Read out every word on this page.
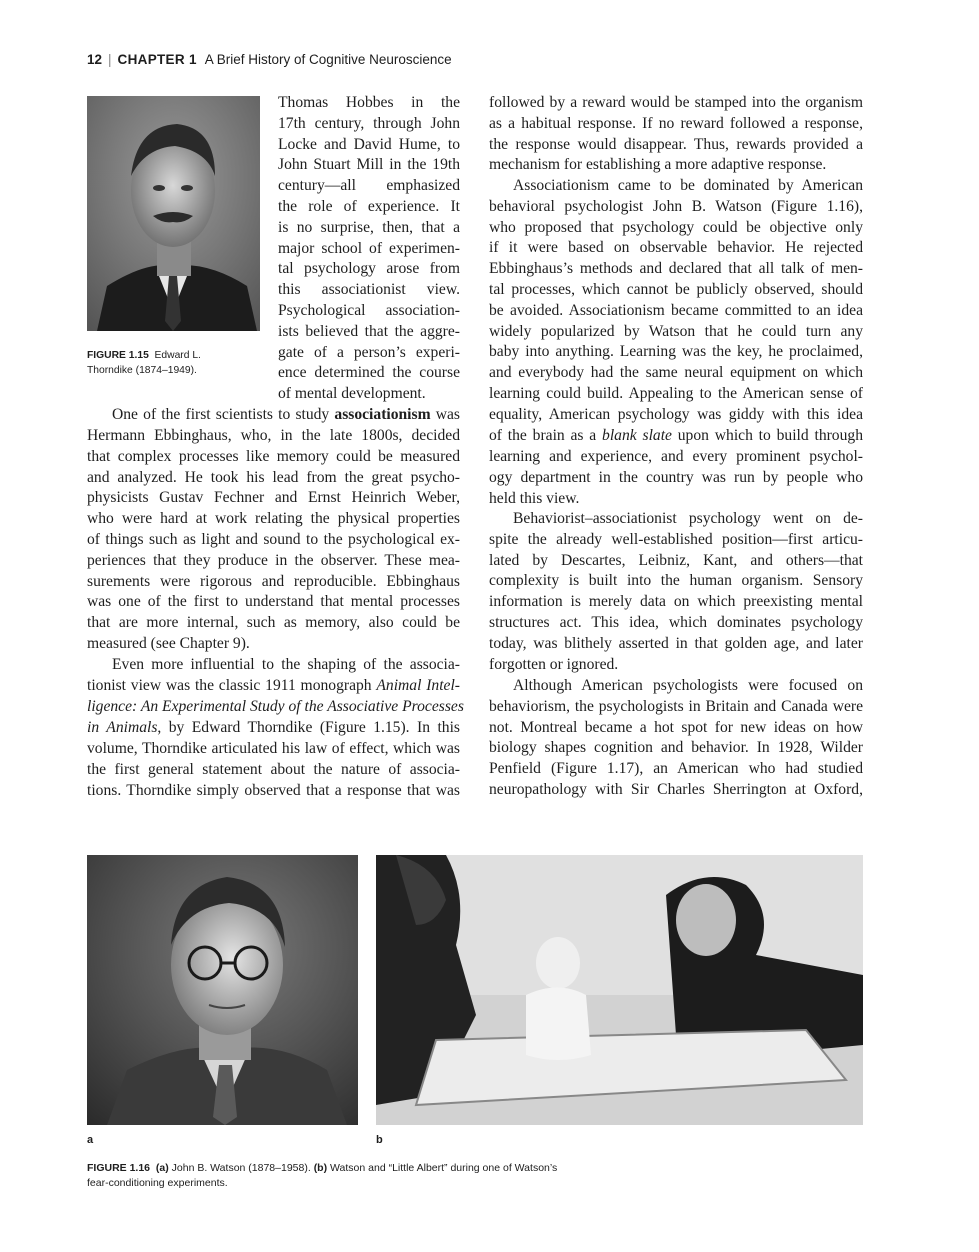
12 | CHAPTER 1 A Brief History of Cognitive Neuroscience
FIGURE 1.15 Edward L.
Thorndike (1874–1949).
Thomas Hobbes in the
17th century, through John
Locke and David Hume, to
John Stuart Mill in the 19th
century—all emphasized
the role of experience. It
is no surprise, then, that a
major school of experimen-
tal psychology arose from
this associationist view.
Psychological association-
ists believed that the aggre-
gate of a person’s experi-
ence determined the course
of mental development.
One of the first scientists to study associationism was
Hermann Ebbinghaus, who, in the late 1800s, decided
that complex processes like memory could be measured
and analyzed. He took his lead from the great psycho-
physicists Gustav Fechner and Ernst Heinrich Weber,
who were hard at work relating the physical properties
of things such as light and sound to the psychological ex-
periences that they produce in the observer. These mea-
surements were rigorous and reproducible. Ebbinghaus
was one of the first to understand that mental processes
that are more internal, such as memory, also could be
measured (see Chapter 9).
Even more influential to the shaping of the associa-
tionist view was the classic 1911 monograph Animal Intel-
ligence: An Experimental Study of the Associative Processes
in Animals, by Edward Thorndike (Figure 1.15). In this
volume, Thorndike articulated his law of effect, which was
the first general statement about the nature of associa-
tions. Thorndike simply observed that a response that was
followed by a reward would be stamped into the organism
as a habitual response. If no reward followed a response,
the response would disappear. Thus, rewards provided a
mechanism for establishing a more adaptive response.
Associationism came to be dominated by American
behavioral psychologist John B. Watson (Figure 1.16),
who proposed that psychology could be objective only
if it were based on observable behavior. He rejected
Ebbinghaus’s methods and declared that all talk of men-
tal processes, which cannot be publicly observed, should
be avoided. Associationism became committed to an idea
widely popularized by Watson that he could turn any
baby into anything. Learning was the key, he proclaimed,
and everybody had the same neural equipment on which
learning could build. Appealing to the American sense of
equality, American psychology was giddy with this idea
of the brain as a blank slate upon which to build through
learning and experience, and every prominent psychol-
ogy department in the country was run by people who
held this view.
Behaviorist–associationist psychology went on de-
spite the already well-established position—first articu-
lated by Descartes, Leibniz, Kant, and others—that
complexity is built into the human organism. Sensory
information is merely data on which preexisting mental
structures act. This idea, which dominates psychology
today, was blithely asserted in that golden age, and later
forgotten or ignored.
Although American psychologists were focused on
behaviorism, the psychologists in Britain and Canada were
not. Montreal became a hot spot for new ideas on how
biology shapes cognition and behavior. In 1928, Wilder
Penfield (Figure 1.17), an American who had studied
neuropathology with Sir Charles Sherrington at Oxford,
a	b
FIGURE 1.16 (a) John B. Watson (1878–1958). (b) Watson and “Little Albert” during one of Watson’s
fear-conditioning experiments.
